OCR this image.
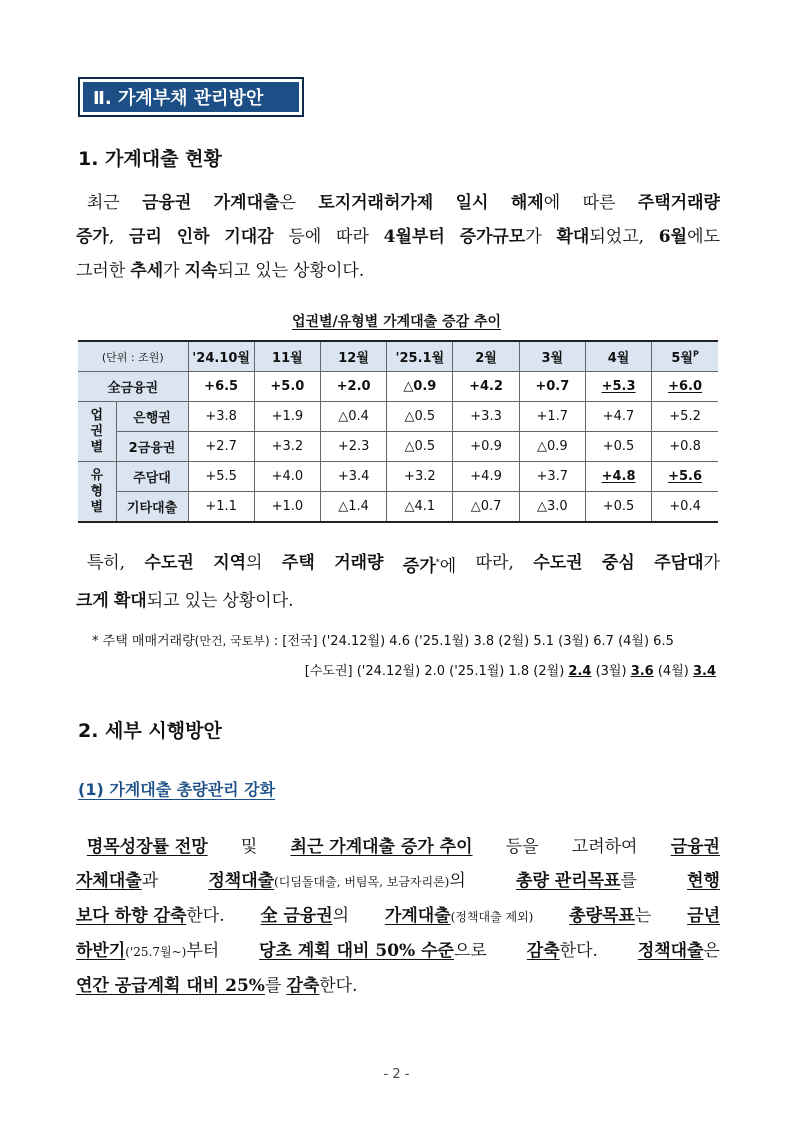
Ⅱ. 가계부채 관리방안
1. 가계대출 현황
최근 금융권 가계대출은 토지거래허가제 일시 해제에 따른 주택거래량
증가, 금리 인하 기대감 등에 따라 4월부터 증가규모가 확대되었고, 6월에도
그러한 추세가 지속되고 있는 상황이다.
업권별/유형별 가계대출 증감 추이
(단위 : 조원)		'24.10월	11월	12월	'25.1월	2월	3월	4월	5월$^P$
全금융권		+6.5	+5.0	+2.0	△0.9	+4.2	+0.7	+5.3	+6.0
업
권
별	은행권	+3.8	+1.9	△0.4	△0.5	+3.3	+1.7	+4.7	+5.2
	2금융권	+2.7	+3.2	+2.3	△0.5	+0.9	△0.9	+0.5	+0.8
유
형
별	주담대	+5.5	+4.0	+3.4	+3.2	+4.9	+3.7	+4.8	+5.6
	기타대출	+1.1	+1.0	△1.4	△4.1	△0.7	△3.0	+0.5	+0.4
특히, 수도권 지역의 주택 거래량 증가*에 따라, 수도권 중심 주담대가
크게 확대되고 있는 상황이다.
* 주택 매매거래량(만건, 국토부) : [전국] ('24.12월) 4.6 ('25.1월) 3.8 (2월) 5.1 (3월) 6.7 (4월) 6.5
[수도권] ('24.12월) 2.0 ('25.1월) 1.8 (2월) 2.4 (3월) 3.6 (4월) 3.4
2. 세부 시행방안
(1) 가계대출 총량관리 강화
명목성장률 전망 및 최근 가계대출 증가 추이 등을 고려하여 금융권
자체대출과	정책대출(디딤돌대출, 버팀목, 보금자리론)의	총량 관리목표를	현행
보다 하향 감축한다. 全 금융권의 가계대출(정책대출 제외) 총량목표는 금년
하반기('25.7월~)부터 당초 계획 대비 50% 수준으로 감축한다. 정책대출은
연간 공급계획 대비 25%를 감축한다.
- 2 -
